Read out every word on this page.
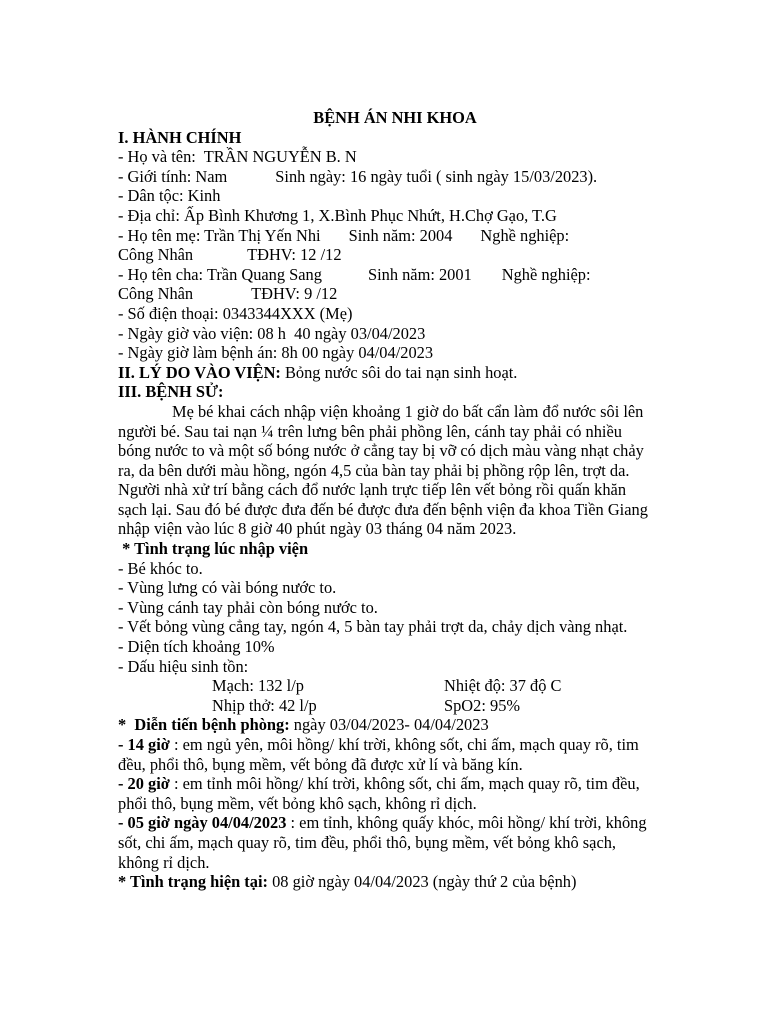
BỆNH ÁN NHI KHOA
I. HÀNH CHÍNH
- Họ và tên:  TRẦN NGUYỄN B. N
- Giới tính: Nam	Sinh ngày: 16 ngày tuổi ( sinh ngày 15/03/2023).
- Dân tộc: Kinh
- Địa chỉ: Ấp Bình Khương 1, X.Bình Phục Nhứt, H.Chợ Gạo, T.G
- Họ tên mẹ: Trần Thị Yến Nhi Sinh năm: 2004 Nghề nghiệp:
Công Nhân	TĐHV: 12 /12
- Họ tên cha: Trần Quang Sang	Sinh năm: 2001 Nghề nghiệp:
Công Nhân	TĐHV: 9 /12
- Số điện thoại: 0343344XXX (Mẹ)
- Ngày giờ vào viện: 08 h  40 ngày 03/04/2023
- Ngày giờ làm bệnh án: 8h 00 ngày 04/04/2023
II. LÝ DO VÀO VIỆN: Bỏng nước sôi do tai nạn sinh hoạt.
III. BỆNH SỬ:
Mẹ bé khai cách nhập viện khoảng 1 giờ do bất cẩn làm đổ nước sôi lên người bé. Sau tai nạn ¼ trên lưng bên phải phồng lên, cánh tay phải có nhiều bóng nước to và một số bóng nước ở cẳng tay bị vỡ có dịch màu vàng nhạt chảy ra, da bên dưới màu hồng, ngón 4,5 của bàn tay phải bị phồng rộp lên, trợt da. Người nhà xử trí bằng cách đổ nước lạnh trực tiếp lên vết bỏng rồi quấn khăn sạch lại. Sau đó bé được đưa đến bé được đưa đến bệnh viện đa khoa Tiền Giang nhập viện vào lúc 8 giờ 40 phút ngày 03 tháng 04 năm 2023.
* Tình trạng lúc nhập viện
- Bé khóc to.
- Vùng lưng có vài bóng nước to.
- Vùng cánh tay phải còn bóng nước to.
- Vết bỏng vùng cẳng tay, ngón 4, 5 bàn tay phải trợt da, chảy dịch vàng nhạt.
- Diện tích khoảng 10%
- Dấu hiệu sinh tồn:
Mạch: 132 l/p	Nhiệt độ: 37 độ C
Nhịp thở: 42 l/p	SpO2: 95%
*  Diễn tiến bệnh phòng: ngày 03/04/2023- 04/04/2023
- 14 giờ : em ngủ yên, môi hồng/ khí trời, không sốt, chi ấm, mạch quay rõ, tim đều, phổi thô, bụng mềm, vết bỏng đã được xử lí và băng kín.
- 20 giờ : em tỉnh môi hồng/ khí trời, không sốt, chi ấm, mạch quay rõ, tim đều, phổi thô, bụng mềm, vết bỏng khô sạch, không rỉ dịch.
- 05 giờ ngày 04/04/2023 : em tỉnh, không quấy khóc, môi hồng/ khí trời, không sốt, chi ấm, mạch quay rõ, tim đều, phổi thô, bụng mềm, vết bỏng khô sạch, không rỉ dịch.
* Tình trạng hiện tại: 08 giờ ngày 04/04/2023 (ngày thứ 2 của bệnh)
